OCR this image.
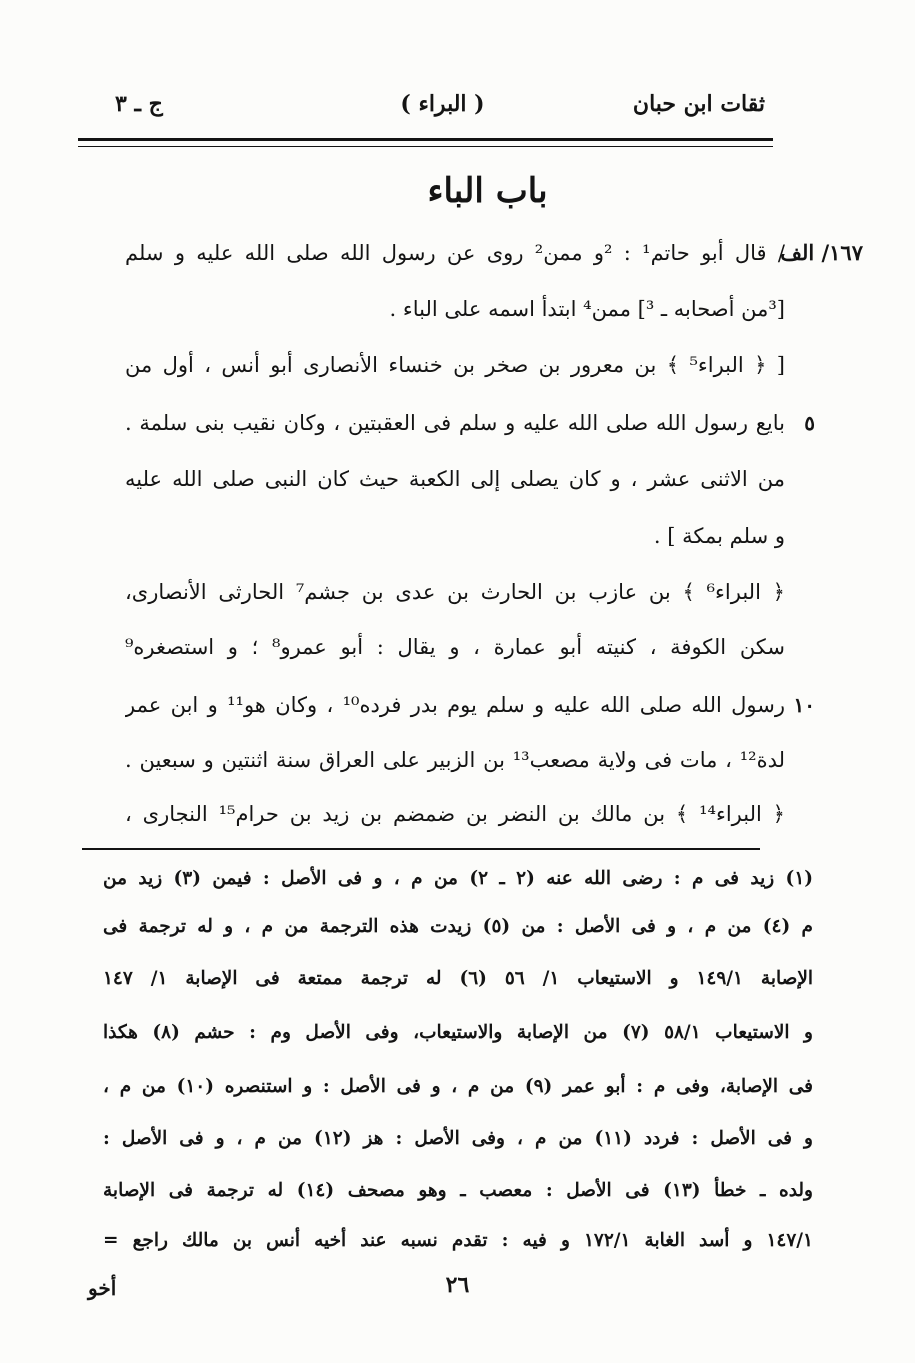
ثقات ابن حبان
( البراء )
ج ـ ٣
باب الباء
١٦٧/ الف
/ قال أبو حاتم¹ : ²و ممن² روى عن رسول الله صلى الله عليه و سلم
[³من أصحابه ـ ³] ممن⁴ ابتدأ اسمه على الباء .
[ ﴿ البراء⁵ ﴾ بن معرور بن صخر بن خنساء الأنصارى أبو أنس ، أول من
بايع رسول الله صلى الله عليه و سلم فى العقبتين ، وكان نقيب بنى سلمة .
من الاثنى عشر ، و كان يصلى إلى الكعبة حيث كان النبى صلى الله عليه
و سلم بمكة ] .
﴿ البراء⁶ ﴾ بن عازب بن الحارث بن عدى بن جشم⁷ الحارثى الأنصارى،
سكن الكوفة ، كنيته أبو عمارة ، و يقال : أبو عمرو⁸ ؛ و استصغره⁹
رسول الله صلى الله عليه و سلم يوم بدر فرده¹⁰ ، وكان هو¹¹ و ابن عمر
لدة¹² ، مات فى ولاية مصعب¹³ بن الزبير على العراق سنة اثنتين و سبعين .
﴿ البراء¹⁴ ﴾ بن مالك بن النضر بن ضمضم بن زيد بن حرام¹⁵ النجارى ،
٥
١٠
(١) زيد فى م : رضى الله عنه (٢ ـ ٢) من م ، و فى الأصل : فيمن (٣) زيد من
م (٤) من م ، و فى الأصل : من (٥) زيدت هذه الترجمة من م ، و له ترجمة فى
الإصابة ١٤٩/١ و الاستيعاب ١/ ٥٦ (٦) له ترجمة ممتعة فى الإصابة ١/ ١٤٧
و الاستيعاب ٥٨/١ (٧) من الإصابة والاستيعاب، وفى الأصل وم : حشم (٨) هكذا
فى الإصابة، وفى م : أبو عمر (٩) من م ، و فى الأصل : و استنصره (١٠) من م ،
و فى الأصل : فردد (١١) من م ، وفى الأصل : هز (١٢) من م ، و فى الأصل :
ولده ـ خطأ (١٣) فى الأصل : معصب ـ وهو مصحف (١٤) له ترجمة فى الإصابة
١٤٧/١ و أسد الغابة ١٧٢/١ و فيه : تقدم نسبه عند أخيه أنس بن مالك راجع =
٢٦
أخو
